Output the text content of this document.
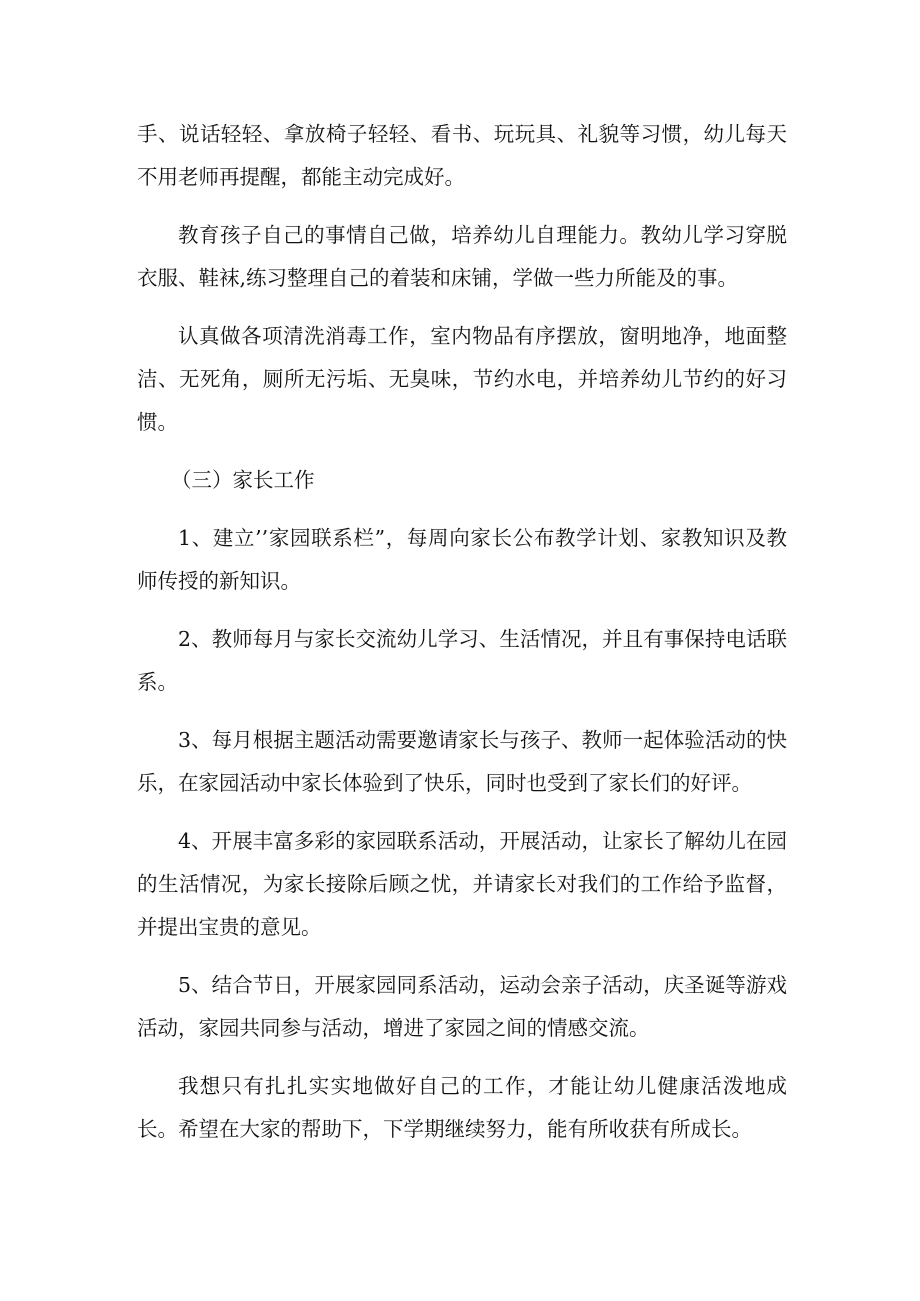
手、说话轻轻、拿放椅子轻轻、看书、玩玩具、礼貌等习惯，幼儿每天不用老师再提醒，都能主动完成好。

教育孩子自己的事情自己做，培养幼儿自理能力。教幼儿学习穿脱衣服、鞋袜,练习整理自己的着装和床铺，学做一些力所能及的事。

认真做各项清洗消毒工作，室内物品有序摆放，窗明地净，地面整洁、无死角，厕所无污垢、无臭味，节约水电，并培养幼儿节约的好习惯。

（三）家长工作

1、建立’’家园联系栏”，每周向家长公布教学计划、家教知识及教师传授的新知识。

2、教师每月与家长交流幼儿学习、生活情况，并且有事保持电话联系。

3、每月根据主题活动需要邀请家长与孩子、教师一起体验活动的快乐，在家园活动中家长体验到了快乐，同时也受到了家长们的好评。

4、开展丰富多彩的家园联系活动，开展活动，让家长了解幼儿在园的生活情况，为家长接除后顾之忧，并请家长对我们的工作给予监督，并提出宝贵的意见。

5、结合节日，开展家园同系活动，运动会亲子活动，庆圣诞等游戏活动，家园共同参与活动，增进了家园之间的情感交流。

我想只有扎扎实实地做好自己的工作，才能让幼儿健康活泼地成长。希望在大家的帮助下，下学期继续努力，能有所收获有所成长。
